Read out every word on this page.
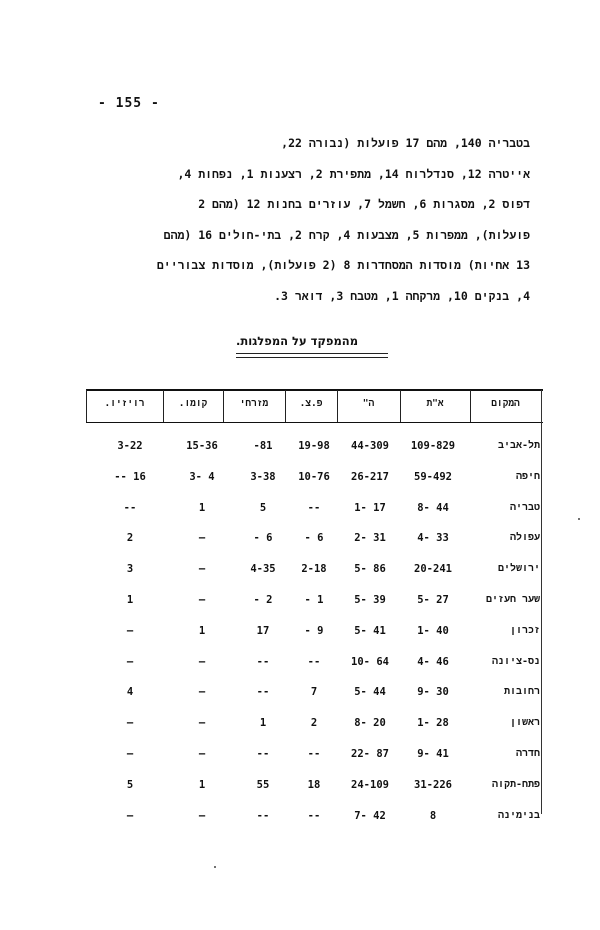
- 155 -

בטבריה 140, מהם 17 פועלות (נבורה 22,
אייטרה 12, סנדלרוח 14, מתפירת 2, רצענות 1, נפחות 4,
דפוס 2, מסגרות 6, חשמל 7, עוזרים בחנות 12 (מהם 2
פועלות), ממפרות 5, מצבעות 4, קרח 2, בתי-חולים 16 (מהם
13 אחיות) מוסדות המסחדרות 8 (2 פועלות), מוסדות צבוריים
4, בנקים 10, מרקחה 1, מטבח 3, דואר 3.

מהמפקד על המפלגות.
המקום
א"ת
ה"
פ.צ.
מזרחי
קומו.
רויזיו.
תל-אביב
109-829
44-309
19-98
-81
15-36
3-22
חיפה
59-492
26-217
10-76
3-38
3- 4
-- 16
טבריה
8- 44
1- 17
--
5
1
--
עפולה
4- 33
2- 31
- 6
- 6
—
2
ירושלים
20-241
5- 86
2-18
4-35
—
3
שער חעזים
5- 27
5- 39
- 1
- 2
—
1
זכרון
1- 40
5- 41
- 9
17
1
—
נס-ציונה
4- 46
10- 64
--
--
—
—
רחובות
9- 30
5- 44
7
--
—
4
ראשון
1- 28
8- 20
2
1
—
—
חדרה
9- 41
22- 87
--
--
—
—
פתח-תקוה
31-226
24-109
18
55
1
5
בנימינה
8
7- 42
--
--
—
—
